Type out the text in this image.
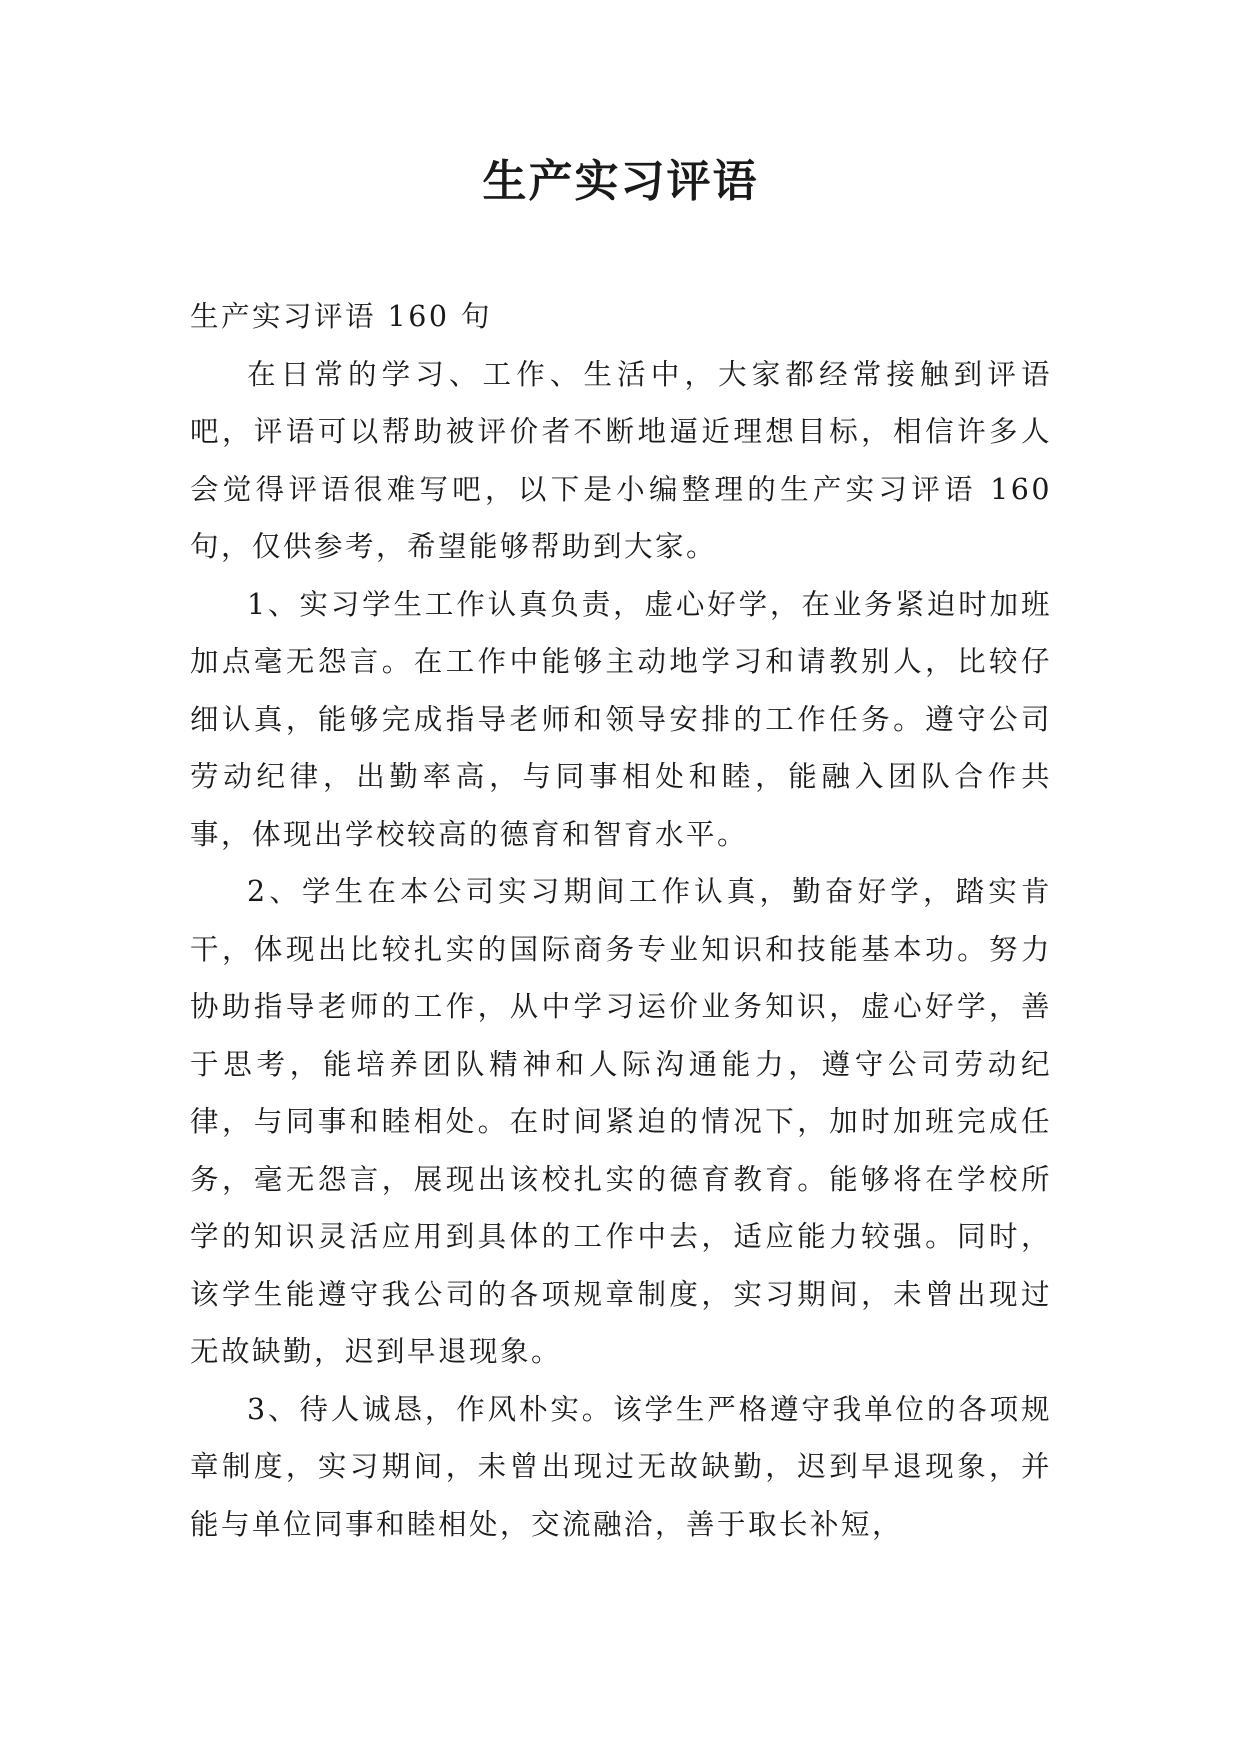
生产实习评语

生产实习评语 160 句

在日常的学习、工作、生活中，大家都经常接触到评语吧，评语可以帮助被评价者不断地逼近理想目标，相信许多人会觉得评语很难写吧，以下是小编整理的生产实习评语 160 句，仅供参考，希望能够帮助到大家。

1、实习学生工作认真负责，虚心好学，在业务紧迫时加班加点毫无怨言。在工作中能够主动地学习和请教别人，比较仔细认真，能够完成指导老师和领导安排的工作任务。遵守公司劳动纪律，出勤率高，与同事相处和睦，能融入团队合作共事，体现出学校较高的德育和智育水平。

2、学生在本公司实习期间工作认真，勤奋好学，踏实肯干，体现出比较扎实的国际商务专业知识和技能基本功。努力协助指导老师的工作，从中学习运价业务知识，虚心好学，善于思考，能培养团队精神和人际沟通能力，遵守公司劳动纪律，与同事和睦相处。在时间紧迫的情况下，加时加班完成任务，毫无怨言，展现出该校扎实的德育教育。能够将在学校所学的知识灵活应用到具体的工作中去，适应能力较强。同时，该学生能遵守我公司的各项规章制度，实习期间，未曾出现过无故缺勤，迟到早退现象。

3、待人诚恳，作风朴实。该学生严格遵守我单位的各项规章制度，实习期间，未曾出现过无故缺勤，迟到早退现象，并能与单位同事和睦相处，交流融洽，善于取长补短，
